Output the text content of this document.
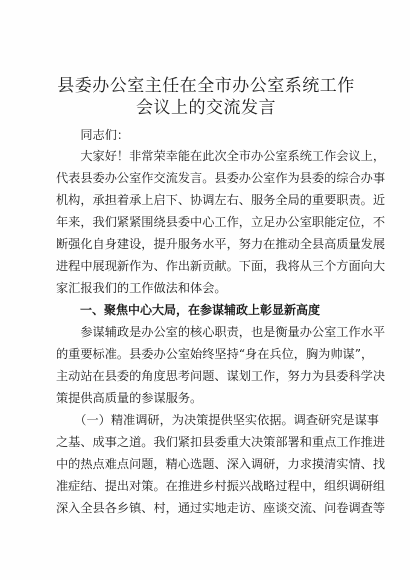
县委办公室主任在全市办公室系统工作会议上的交流发言
　　同志们：
　　大家好！非常荣幸能在此次全市办公室系统工作会议上，
代表县委办公室作交流发言。县委办公室作为县委的综合办事
机构，承担着承上启下、协调左右、服务全局的重要职责。近
年来，我们紧紧围绕县委中心工作，立足办公室职能定位，不
断强化自身建设，提升服务水平，努力在推动全县高质量发展
进程中展现新作为、作出新贡献。下面，我将从三个方面向大
家汇报我们的工作做法和体会。
　　一、聚焦中心大局，在参谋辅政上彰显新高度
　　参谋辅政是办公室的核心职责，也是衡量办公室工作水平
的重要标准。县委办公室始终坚持“身在兵位，胸为帅谋”，
主动站在县委的角度思考问题、谋划工作，努力为县委科学决
策提供高质量的参谋服务。
　　（一）精准调研，为决策提供坚实依据。调查研究是谋事
之基、成事之道。我们紧扣县委重大决策部署和重点工作推进
中的热点难点问题，精心选题、深入调研，力求摸清实情、找
准症结、提出对策。在推进乡村振兴战略过程中，组织调研组
深入全县各乡镇、村，通过实地走访、座谈交流、问卷调查等
